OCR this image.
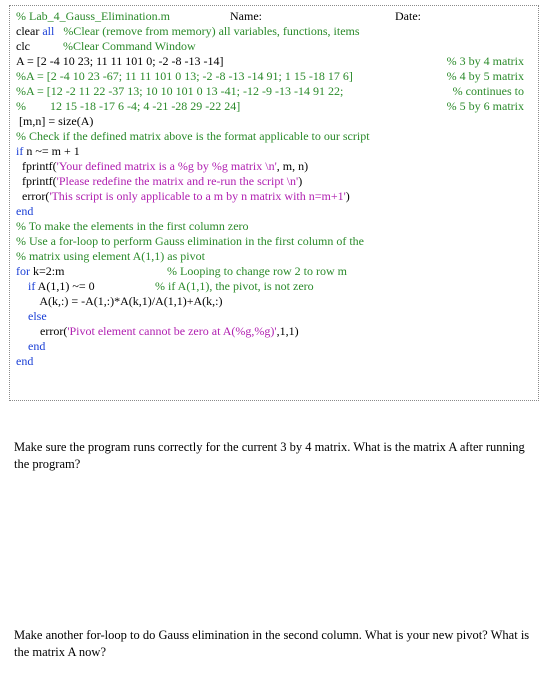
% Lab_4_Gauss_Elimination.m	Name:	Date:
clear all   %Clear (remove from memory) all variables, functions, items
clc           %Clear Command Window
A = [2 -4 10 23; 11 11 101 0; -2 -8 -13 -14]	% 3 by 4 matrix
%A = [2 -4 10 23 -67; 11 11 101 0 13; -2 -8 -13 -14 91; 1 15 -18 17 6]	% 4 by 5 matrix
%A = [12 -2 11 22 -37 13; 10 10 101 0 13 -41; -12 -9 -13 -14 91 22;	% continues to
%        12 15 -18 -17 6 -4; 4 -21 -28 29 -22 24]	% 5 by 6 matrix
[m,n] = size(A)
% Check if the defined matrix above is the format applicable to our script
if n ~= m + 1
fprintf('Your defined matrix is a %g by %g matrix \n', m, n)
fprintf('Please redefine the matrix and re-run the script \n')
error('This script is only applicable to a m by n matrix with n=m+1')
end
% To make the elements in the first column zero
% Use a for-loop to perform Gauss elimination in the first column of the
% matrix using element A(1,1) as pivot
for k=2:m	% Looping to change row 2 to row m
if A(1,1) ~= 0	% if A(1,1), the pivot, is not zero
A(k,:) = -A(1,:)*A(k,1)/A(1,1)+A(k,:)
else
error('Pivot element cannot be zero at A(%g,%g)',1,1)
end
end
Make sure the program runs correctly for the current 3 by 4 matrix. What is the matrix A after running the program?
Make another for-loop to do Gauss elimination in the second column. What is your new pivot? What is the matrix A now?
